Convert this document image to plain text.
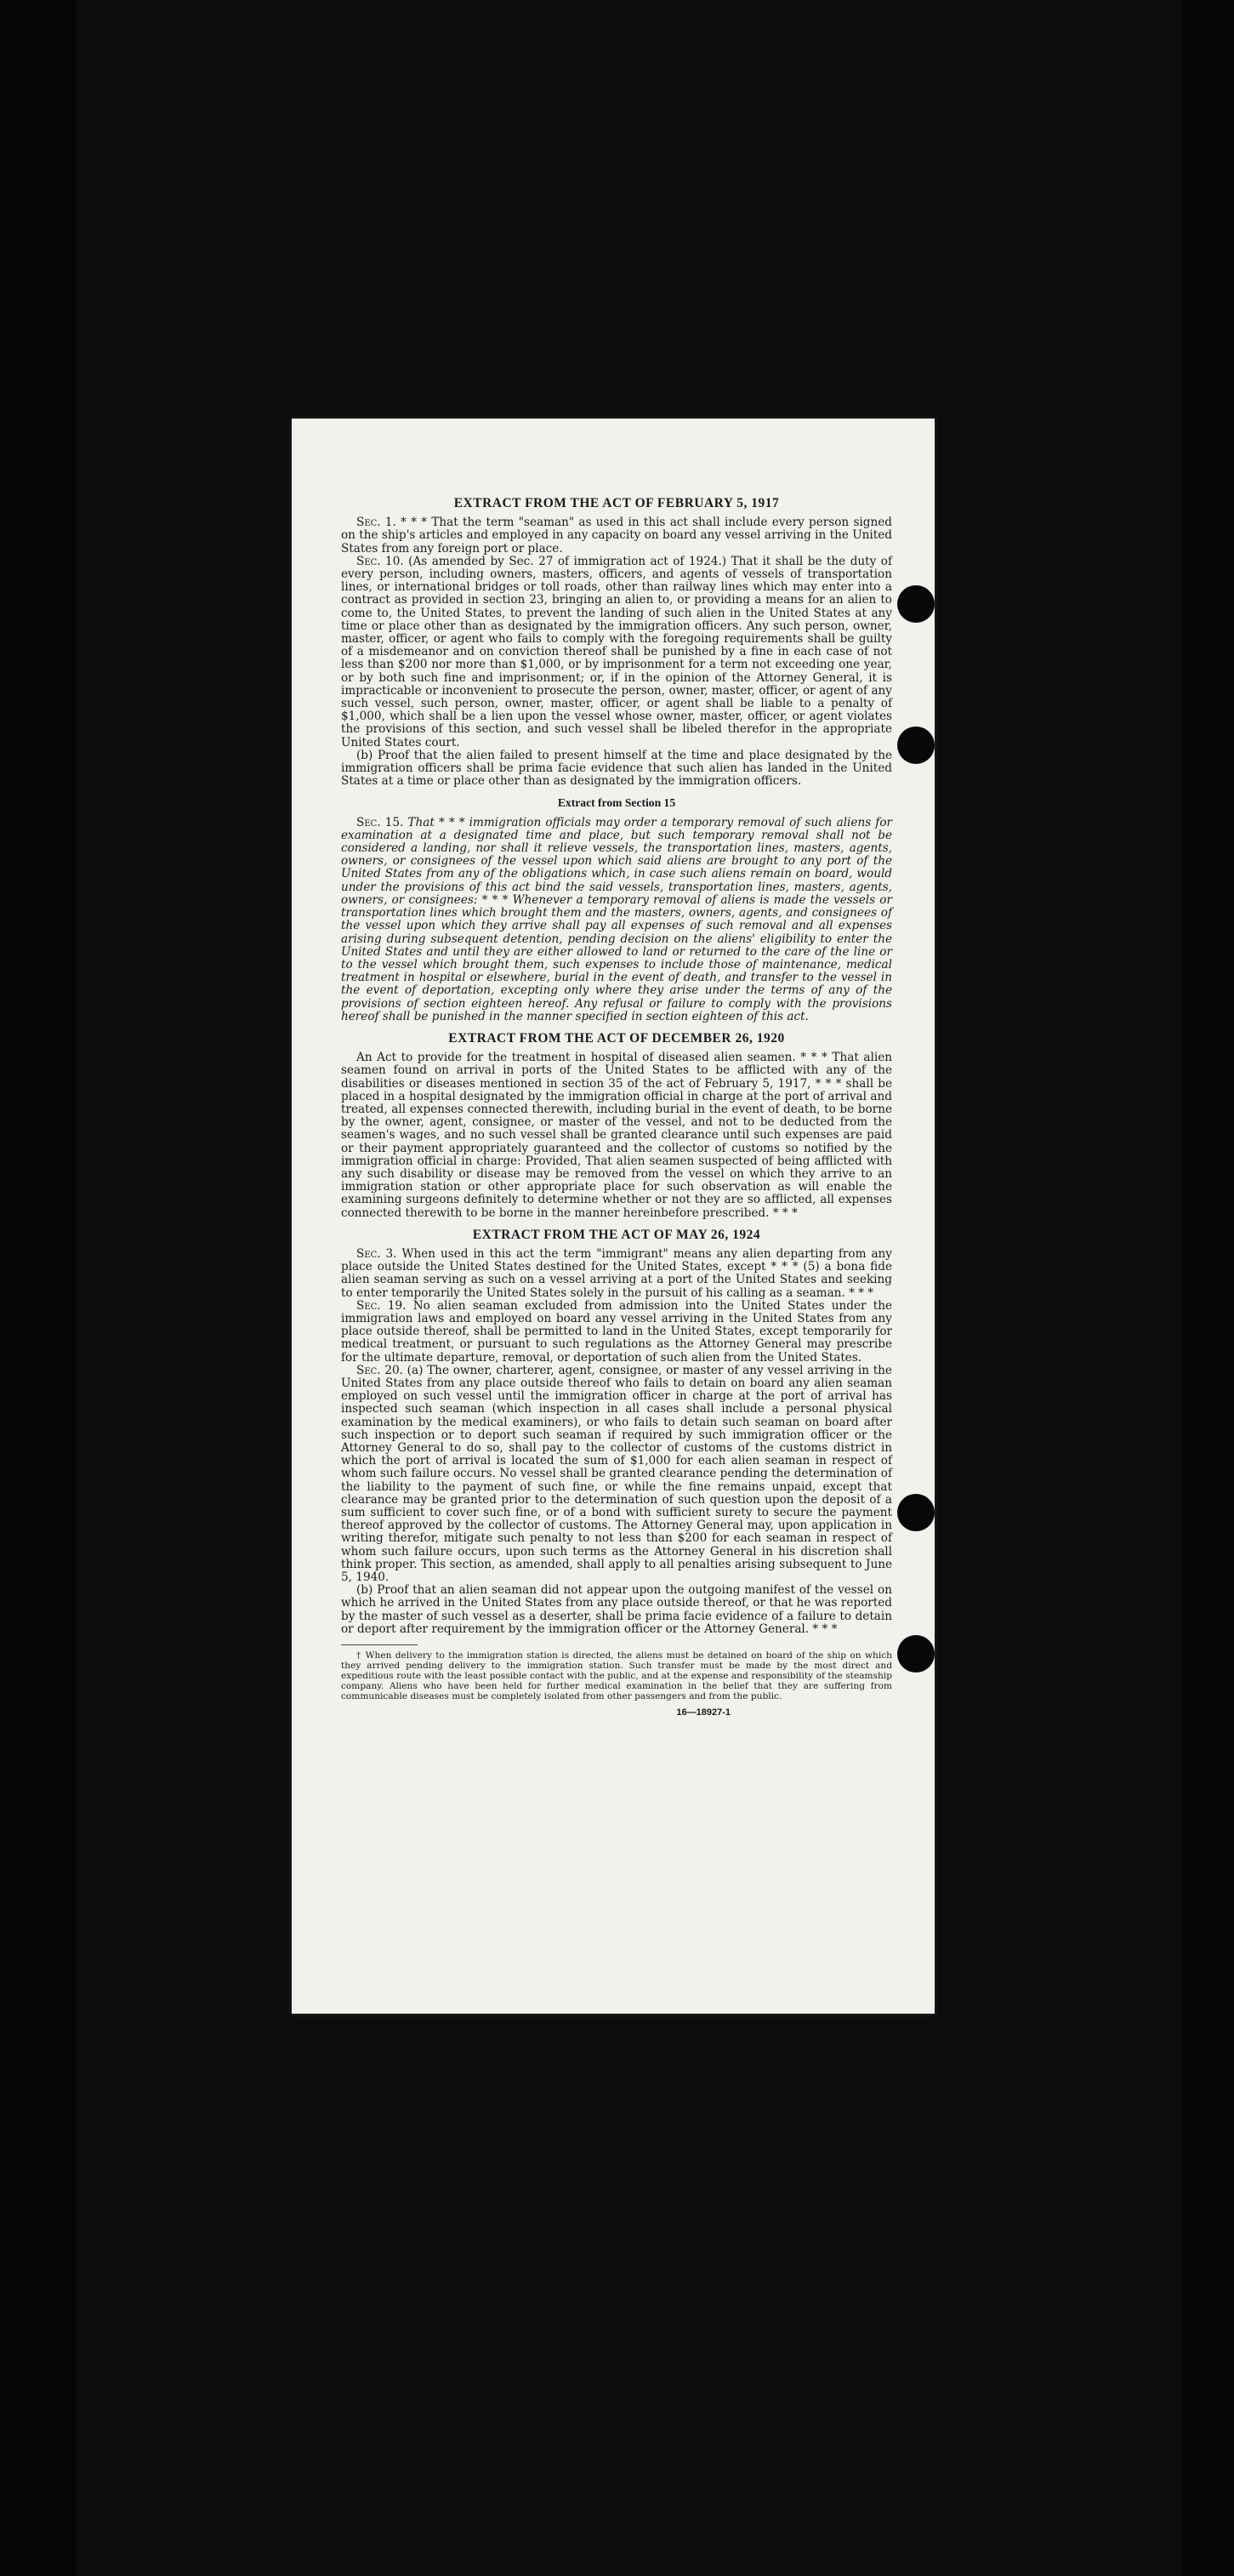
EXTRACT FROM THE ACT OF FEBRUARY 5, 1917

Sec. 1. * * * That the term "seaman" as used in this act shall include every person signed on the ship's articles and employed in any capacity on board any vessel arriving in the United States from any foreign port or place.

Sec. 10. (As amended by Sec. 27 of immigration act of 1924.) That it shall be the duty of every person, including owners, masters, officers, and agents of vessels of transportation lines, or international bridges or toll roads, other than railway lines which may enter into a contract as provided in section 23, bringing an alien to, or providing a means for an alien to come to, the United States, to prevent the landing of such alien in the United States at any time or place other than as designated by the immigration officers. Any such person, owner, master, officer, or agent who fails to comply with the foregoing requirements shall be guilty of a misdemeanor and on conviction thereof shall be punished by a fine in each case of not less than $200 nor more than $1,000, or by imprisonment for a term not exceeding one year, or by both such fine and imprisonment; or, if in the opinion of the Attorney General, it is impracticable or inconvenient to prosecute the person, owner, master, officer, or agent of any such vessel, such person, owner, master, officer, or agent shall be liable to a penalty of $1,000, which shall be a lien upon the vessel whose owner, master, officer, or agent violates the provisions of this section, and such vessel shall be libeled therefor in the appropriate United States court.

(b) Proof that the alien failed to present himself at the time and place designated by the immigration officers shall be prima facie evidence that such alien has landed in the United States at a time or place other than as designated by the immigration officers.

Extract from Section 15

Sec. 15. That * * * immigration officials may order a temporary removal of such aliens for examination at a designated time and place, but such temporary removal shall not be considered a landing, nor shall it relieve vessels, the transportation lines, masters, agents, owners, or consignees of the vessel upon which said aliens are brought to any port of the United States from any of the obligations which, in case such aliens remain on board, would under the provisions of this act bind the said vessels, transportation lines, masters, agents, owners, or consignees: * * * Whenever a temporary removal of aliens is made the vessels or transportation lines which brought them and the masters, owners, agents, and consignees of the vessel upon which they arrive shall pay all expenses of such removal and all expenses arising during subsequent detention, pending decision on the aliens' eligibility to enter the United States and until they are either allowed to land or returned to the care of the line or to the vessel which brought them, such expenses to include those of maintenance, medical treatment in hospital or elsewhere, burial in the event of death, and transfer to the vessel in the event of deportation, excepting only where they arise under the terms of any of the provisions of section eighteen hereof. Any refusal or failure to comply with the provisions hereof shall be punished in the manner specified in section eighteen of this act.

EXTRACT FROM THE ACT OF DECEMBER 26, 1920

An Act to provide for the treatment in hospital of diseased alien seamen. * * * That alien seamen found on arrival in ports of the United States to be afflicted with any of the disabilities or diseases mentioned in section 35 of the act of February 5, 1917, * * * shall be placed in a hospital designated by the immigration official in charge at the port of arrival and treated, all expenses connected therewith, including burial in the event of death, to be borne by the owner, agent, consignee, or master of the vessel, and not to be deducted from the seamen's wages, and no such vessel shall be granted clearance until such expenses are paid or their payment appropriately guaranteed and the collector of customs so notified by the immigration official in charge: Provided, That alien seamen suspected of being afflicted with any such disability or disease may be removed from the vessel on which they arrive to an immigration station or other appropriate place for such observation as will enable the examining surgeons definitely to determine whether or not they are so afflicted, all expenses connected therewith to be borne in the manner hereinbefore prescribed. * * *

EXTRACT FROM THE ACT OF MAY 26, 1924

Sec. 3. When used in this act the term "immigrant" means any alien departing from any place outside the United States destined for the United States, except * * * (5) a bona fide alien seaman serving as such on a vessel arriving at a port of the United States and seeking to enter temporarily the United States solely in the pursuit of his calling as a seaman. * * *

Sec. 19. No alien seaman excluded from admission into the United States under the immigration laws and employed on board any vessel arriving in the United States from any place outside thereof, shall be permitted to land in the United States, except temporarily for medical treatment, or pursuant to such regulations as the Attorney General may prescribe for the ultimate departure, removal, or deportation of such alien from the United States.

Sec. 20. (a) The owner, charterer, agent, consignee, or master of any vessel arriving in the United States from any place outside thereof who fails to detain on board any alien seaman employed on such vessel until the immigration officer in charge at the port of arrival has inspected such seaman (which inspection in all cases shall include a personal physical examination by the medical examiners), or who fails to detain such seaman on board after such inspection or to deport such seaman if required by such immigration officer or the Attorney General to do so, shall pay to the collector of customs of the customs district in which the port of arrival is located the sum of $1,000 for each alien seaman in respect of whom such failure occurs. No vessel shall be granted clearance pending the determination of the liability to the payment of such fine, or while the fine remains unpaid, except that clearance may be granted prior to the determination of such question upon the deposit of a sum sufficient to cover such fine, or of a bond with sufficient surety to secure the payment thereof approved by the collector of customs. The Attorney General may, upon application in writing therefor, mitigate such penalty to not less than $200 for each seaman in respect of whom such failure occurs, upon such terms as the Attorney General in his discretion shall think proper. This section, as amended, shall apply to all penalties arising subsequent to June 5, 1940.

(b) Proof that an alien seaman did not appear upon the outgoing manifest of the vessel on which he arrived in the United States from any place outside thereof, or that he was reported by the master of such vessel as a deserter, shall be prima facie evidence of a failure to detain or deport after requirement by the immigration officer or the Attorney General. * * *

† When delivery to the immigration station is directed, the aliens must be detained on board of the ship on which they arrived pending delivery to the immigration station. Such transfer must be made by the most direct and expeditious route with the least possible contact with the public, and at the expense and responsibility of the steamship company. Aliens who have been held for further medical examination in the belief that they are suffering from communicable diseases must be completely isolated from other passengers and from the public.

16—18927-1
